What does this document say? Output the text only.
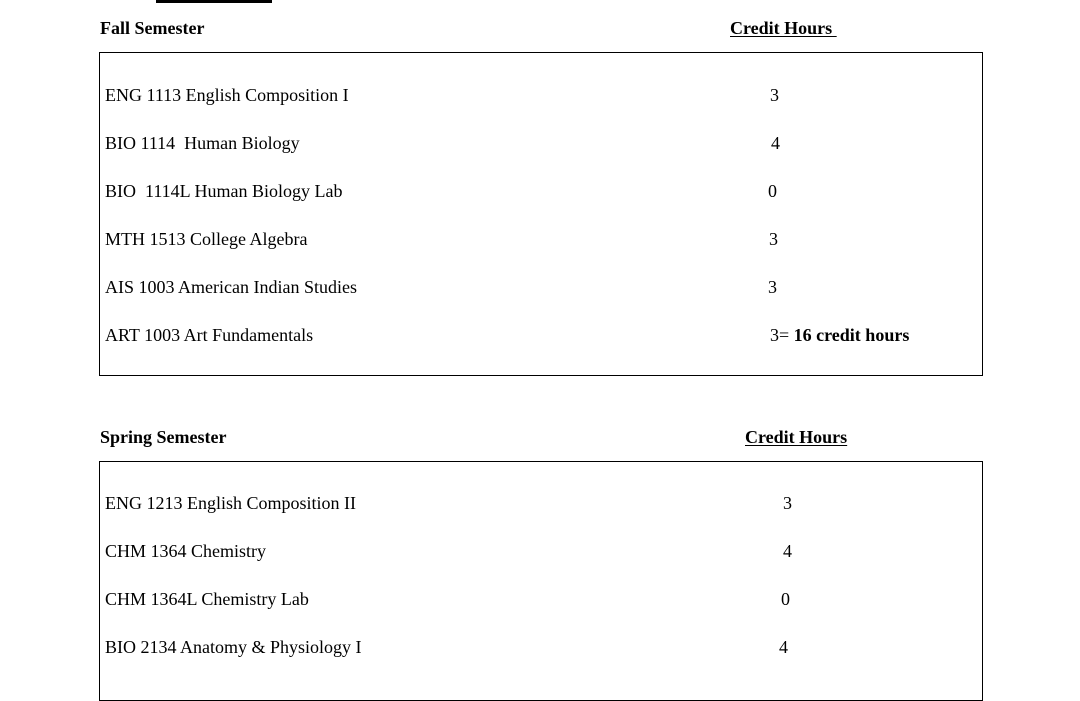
Fall Semester	Credit Hours
ENG 1113 English Composition I	3
BIO 1114  Human Biology	4
BIO  1114L Human Biology Lab	0
MTH 1513 College Algebra	3
AIS 1003 American Indian Studies	3
ART 1003 Art Fundamentals	3= 16 credit hours
Spring Semester	Credit Hours
ENG 1213 English Composition II	3
CHM 1364 Chemistry	4
CHM 1364L Chemistry Lab	0
BIO 2134 Anatomy & Physiology I	4
